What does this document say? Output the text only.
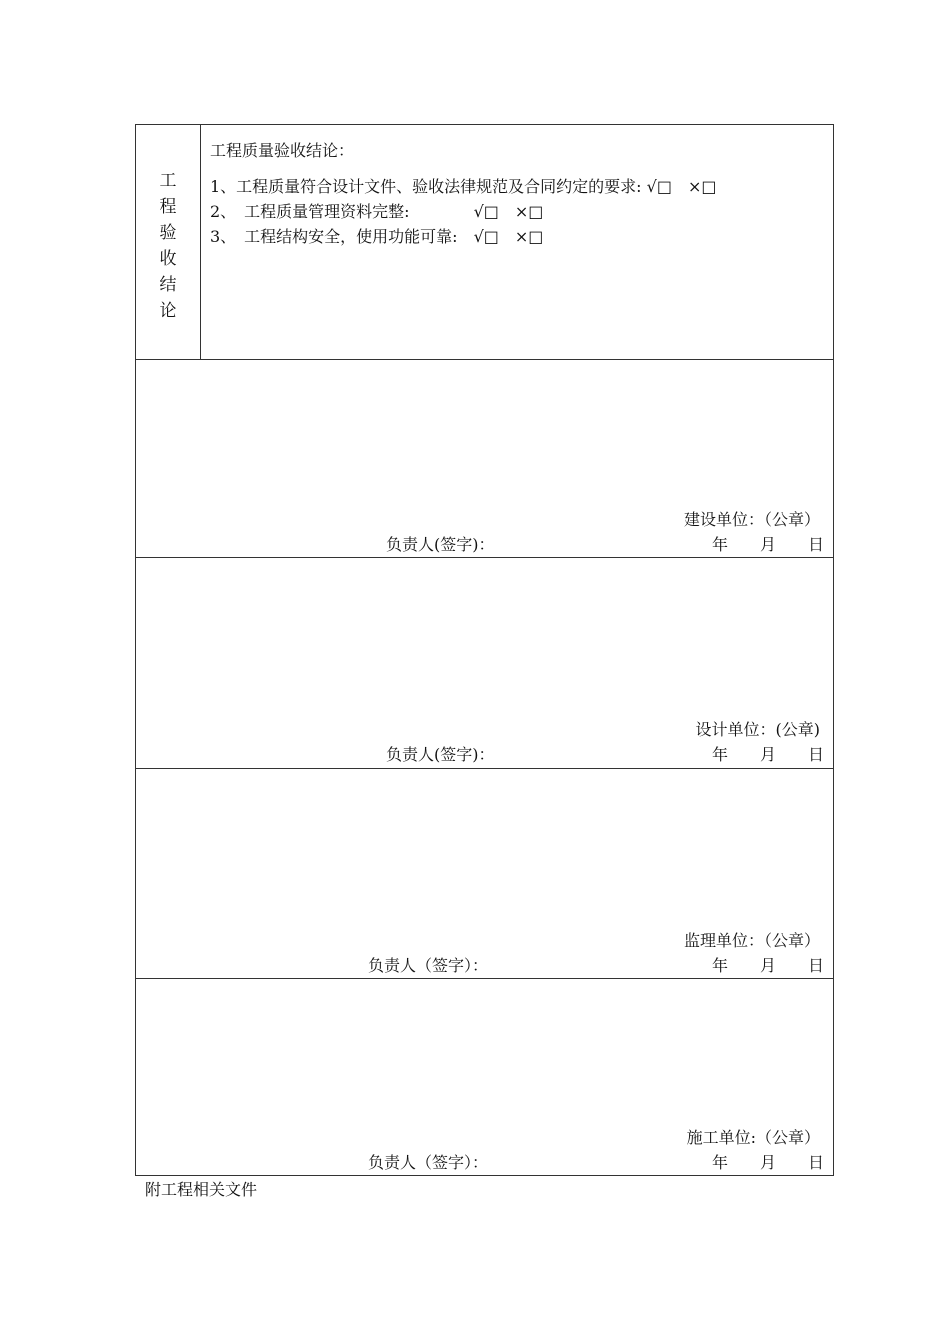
工
程
验
收
结
论
工程质量验收结论：
1、工程质量符合设计文件、验收法律规范及合同约定的要求: √□　×□
2、　工程质量管理资料完整:　　　　√□　×□
3、　工程结构安全，使用功能可靠:　√□　×□
建设单位：（公章）
负责人(签字)：	年　　月　　日
设计单位：(公章)
负责人(签字)：	年　　月　　日
监理单位：（公章）
负责人（签字）：	年　　月　　日
施工单位:（公章）
负责人（签字）：	年　　月　　日
附工程相关文件
